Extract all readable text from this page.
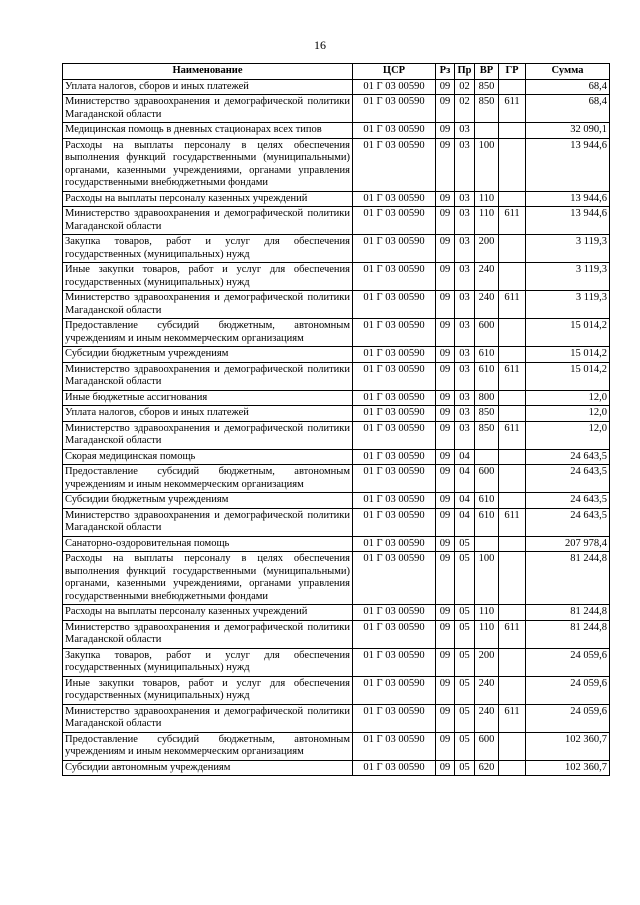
16
Наименование	ЦСР	Рз	Пр	ВР	ГР	Сумма
Уплата налогов, сборов и иных платежей	01 Г 03 00590	09	02	850		68,4
Министерство здравоохранения и демографической политики Магаданской области	01 Г 03 00590	09	02	850	611	68,4
Медицинская помощь в дневных стационарах всех типов	01 Г 03 00590	09	03			32 090,1
Расходы на выплаты персоналу в целях обеспечения выполнения функций государственными (муниципальными) органами, казенными учреждениями, органами управления государственными внебюджетными фондами	01 Г 03 00590	09	03	100		13 944,6
Расходы на выплаты персоналу казенных учреждений	01 Г 03 00590	09	03	110		13 944,6
Министерство здравоохранения и демографической политики Магаданской области	01 Г 03 00590	09	03	110	611	13 944,6
Закупка товаров, работ и услуг для обеспечения государственных (муниципальных) нужд	01 Г 03 00590	09	03	200		3 119,3
Иные закупки товаров, работ и услуг для обеспечения государственных (муниципальных) нужд	01 Г 03 00590	09	03	240		3 119,3
Министерство здравоохранения и демографической политики Магаданской области	01 Г 03 00590	09	03	240	611	3 119,3
Предоставление субсидий бюджетным, автономным учреждениям и иным некоммерческим организациям	01 Г 03 00590	09	03	600		15 014,2
Субсидии бюджетным учреждениям	01 Г 03 00590	09	03	610		15 014,2
Министерство здравоохранения и демографической политики Магаданской области	01 Г 03 00590	09	03	610	611	15 014,2
Иные бюджетные ассигнования	01 Г 03 00590	09	03	800		12,0
Уплата налогов, сборов и иных платежей	01 Г 03 00590	09	03	850		12,0
Министерство здравоохранения и демографической политики Магаданской области	01 Г 03 00590	09	03	850	611	12,0
Скорая медицинская помощь	01 Г 03 00590	09	04			24 643,5
Предоставление субсидий бюджетным, автономным учреждениям и иным некоммерческим организациям	01 Г 03 00590	09	04	600		24 643,5
Субсидии бюджетным учреждениям	01 Г 03 00590	09	04	610		24 643,5
Министерство здравоохранения и демографической политики Магаданской области	01 Г 03 00590	09	04	610	611	24 643,5
Санаторно-оздоровительная помощь	01 Г 03 00590	09	05			207 978,4
Расходы на выплаты персоналу в целях обеспечения выполнения функций государственными (муниципальными) органами, казенными учреждениями, органами управления государственными внебюджетными фондами	01 Г 03 00590	09	05	100		81 244,8
Расходы на выплаты персоналу казенных учреждений	01 Г 03 00590	09	05	110		81 244,8
Министерство здравоохранения и демографической политики Магаданской области	01 Г 03 00590	09	05	110	611	81 244,8
Закупка товаров, работ и услуг для обеспечения государственных (муниципальных) нужд	01 Г 03 00590	09	05	200		24 059,6
Иные закупки товаров, работ и услуг для обеспечения государственных (муниципальных) нужд	01 Г 03 00590	09	05	240		24 059,6
Министерство здравоохранения и демографической политики Магаданской области	01 Г 03 00590	09	05	240	611	24 059,6
Предоставление субсидий бюджетным, автономным учреждениям и иным некоммерческим организациям	01 Г 03 00590	09	05	600		102 360,7
Субсидии автономным учреждениям	01 Г 03 00590	09	05	620		102 360,7
